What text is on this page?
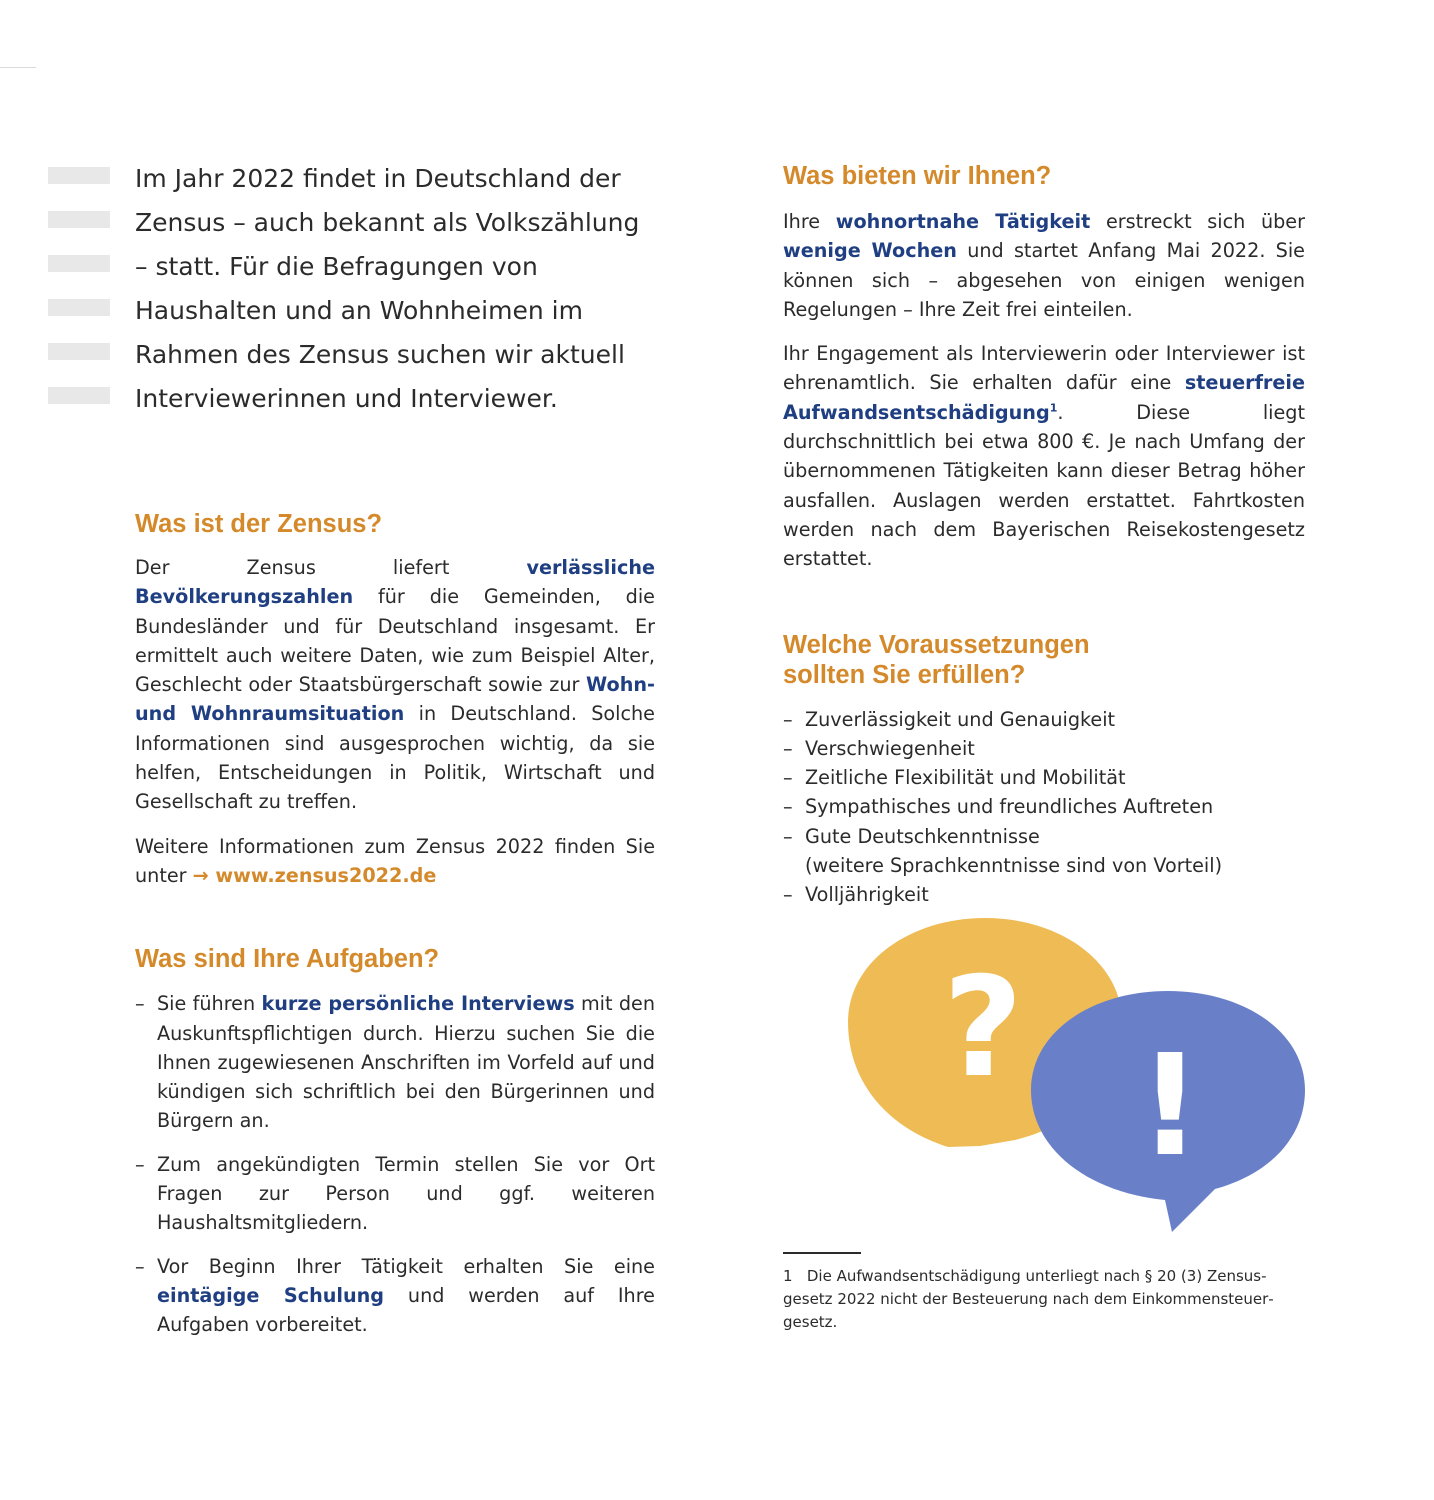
Im Jahr 2022 findet in Deutschland der Zensus – auch bekannt als Volkszählung – statt. Für die Befragungen von Haushalten und an Wohnheimen im Rahmen des Zensus suchen wir aktuell Interviewerinnen und Interviewer.

Was ist der Zensus?

Der Zensus liefert verlässliche Bevölkerungszahlen für die Gemeinden, die Bundesländer und für Deutschland insgesamt. Er ermittelt auch weitere Daten, wie zum Beispiel Alter, Geschlecht oder Staatsbürgerschaft sowie zur Wohn- und Wohnraumsituation in Deutschland. Solche Informationen sind ausgesprochen wichtig, da sie helfen, Entscheidungen in Politik, Wirtschaft und Gesellschaft zu treffen.

Weitere Informationen zum Zensus 2022 finden Sie unter → www.zensus2022.de

Was sind Ihre Aufgaben?
– Sie führen kurze persönliche Interviews mit den Auskunftspflichtigen durch. Hierzu suchen Sie die Ihnen zugewiesenen Anschriften im Vorfeld auf und kündigen sich schriftlich bei den Bürgerinnen und Bürgern an.
– Zum angekündigten Termin stellen Sie vor Ort Fragen zur Person und ggf. weiteren Haushaltsmitgliedern.
– Vor Beginn Ihrer Tätigkeit erhalten Sie eine eintägige Schulung und werden auf Ihre Aufgaben vorbereitet.
Was bieten wir Ihnen?

Ihre wohnortnahe Tätigkeit erstreckt sich über wenige Wochen und startet Anfang Mai 2022. Sie können sich – abgesehen von einigen wenigen Regelungen – Ihre Zeit frei einteilen.

Ihr Engagement als Interviewerin oder Interviewer ist ehrenamtlich. Sie erhalten dafür eine steuerfreie Aufwandsentschädigung$^1$. Diese liegt durchschnittlich bei etwa 800 €. Je nach Umfang der übernommenen Tätigkeiten kann dieser Betrag höher ausfallen. Auslagen werden erstattet. Fahrtkosten werden nach dem Bayerischen Reisekostengesetz erstattet.

Welche Voraussetzungen
sollten Sie erfüllen?
– Zuverlässigkeit und Genauigkeit
– Verschwiegenheit
– Zeitliche Flexibilität und Mobilität
– Sympathisches und freundliches Auftreten
– Gute Deutschkenntnisse
(weitere Sprachkenntnisse sind von Vorteil)
– Volljährigkeit
? !

1 Die Aufwandsentschädigung unterliegt nach § 20 (3) Zensusgesetz 2022 nicht der Besteuerung nach dem Einkommensteuergesetz.
